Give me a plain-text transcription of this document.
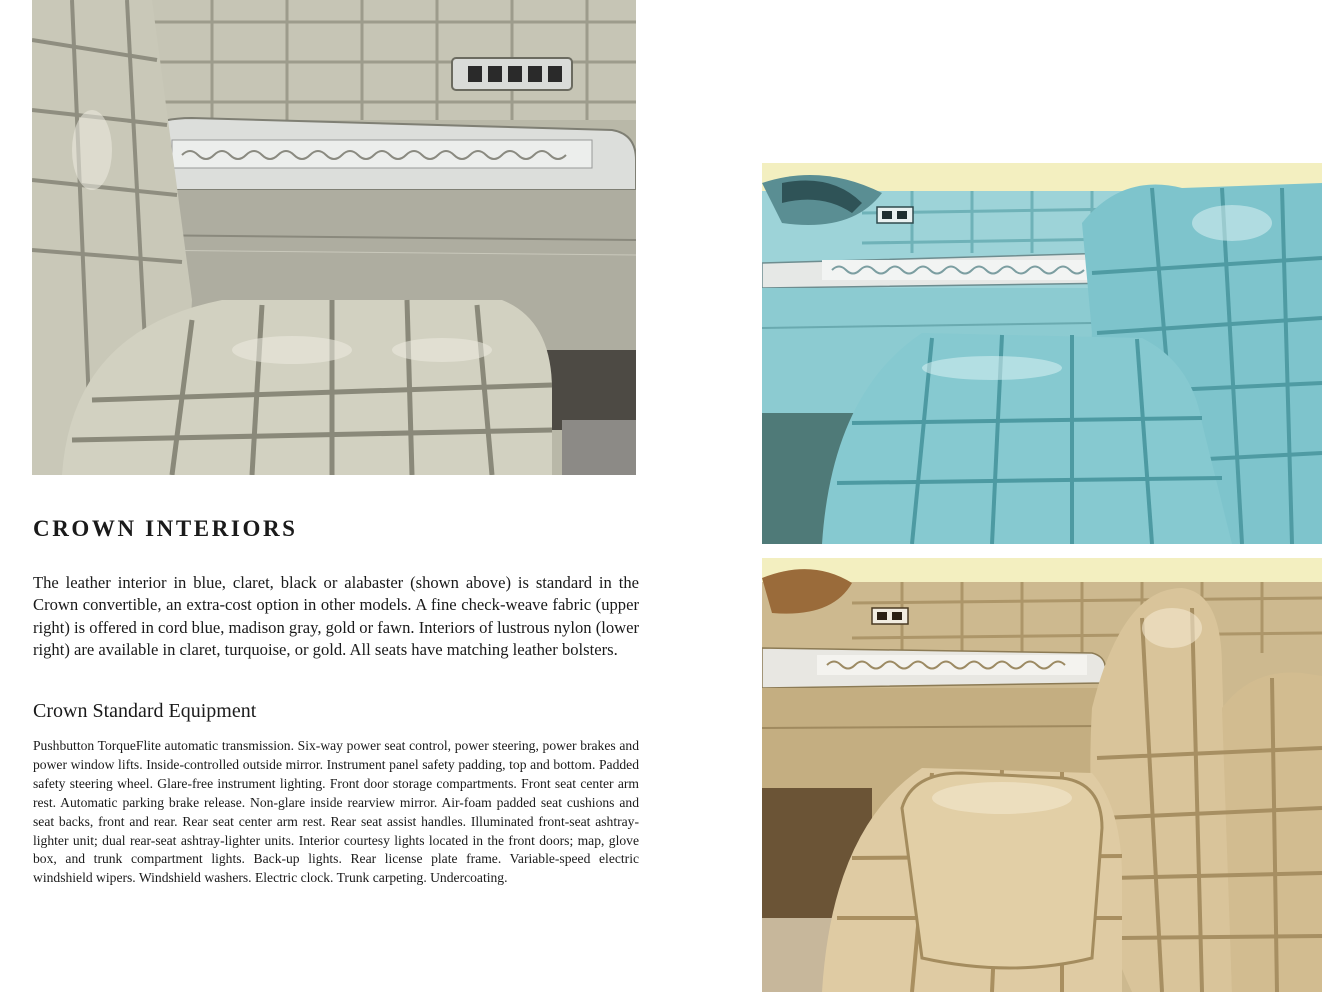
CROWN INTERIORS

The leather interior in blue, claret, black or alabaster (shown above) is standard in the Crown convertible, an extra-cost option in other models. A fine check-weave fabric (upper right) is offered in cord blue, madison gray, gold or fawn. Interiors of lustrous nylon (lower right) are available in claret, turquoise, or gold. All seats have matching leather bolsters.

Crown Standard Equipment

Pushbutton TorqueFlite automatic transmission. Six-way power seat control, power steering, power brakes and power window lifts. Inside-controlled outside mirror. Instrument panel safety padding, top and bottom. Padded safety steering wheel. Glare-free instrument lighting. Front door storage compartments. Front seat center arm rest. Automatic parking brake release. Non-glare inside rearview mirror. Air-foam padded seat cushions and seat backs, front and rear. Rear seat center arm rest. Rear seat assist handles. Illuminated front-seat ashtray-lighter unit; dual rear-seat ashtray-lighter units. Interior courtesy lights located in the front doors; map, glove box, and trunk compartment lights. Back-up lights. Rear license plate frame. Variable-speed electric windshield wipers. Windshield washers. Electric clock. Trunk carpeting. Undercoating.
